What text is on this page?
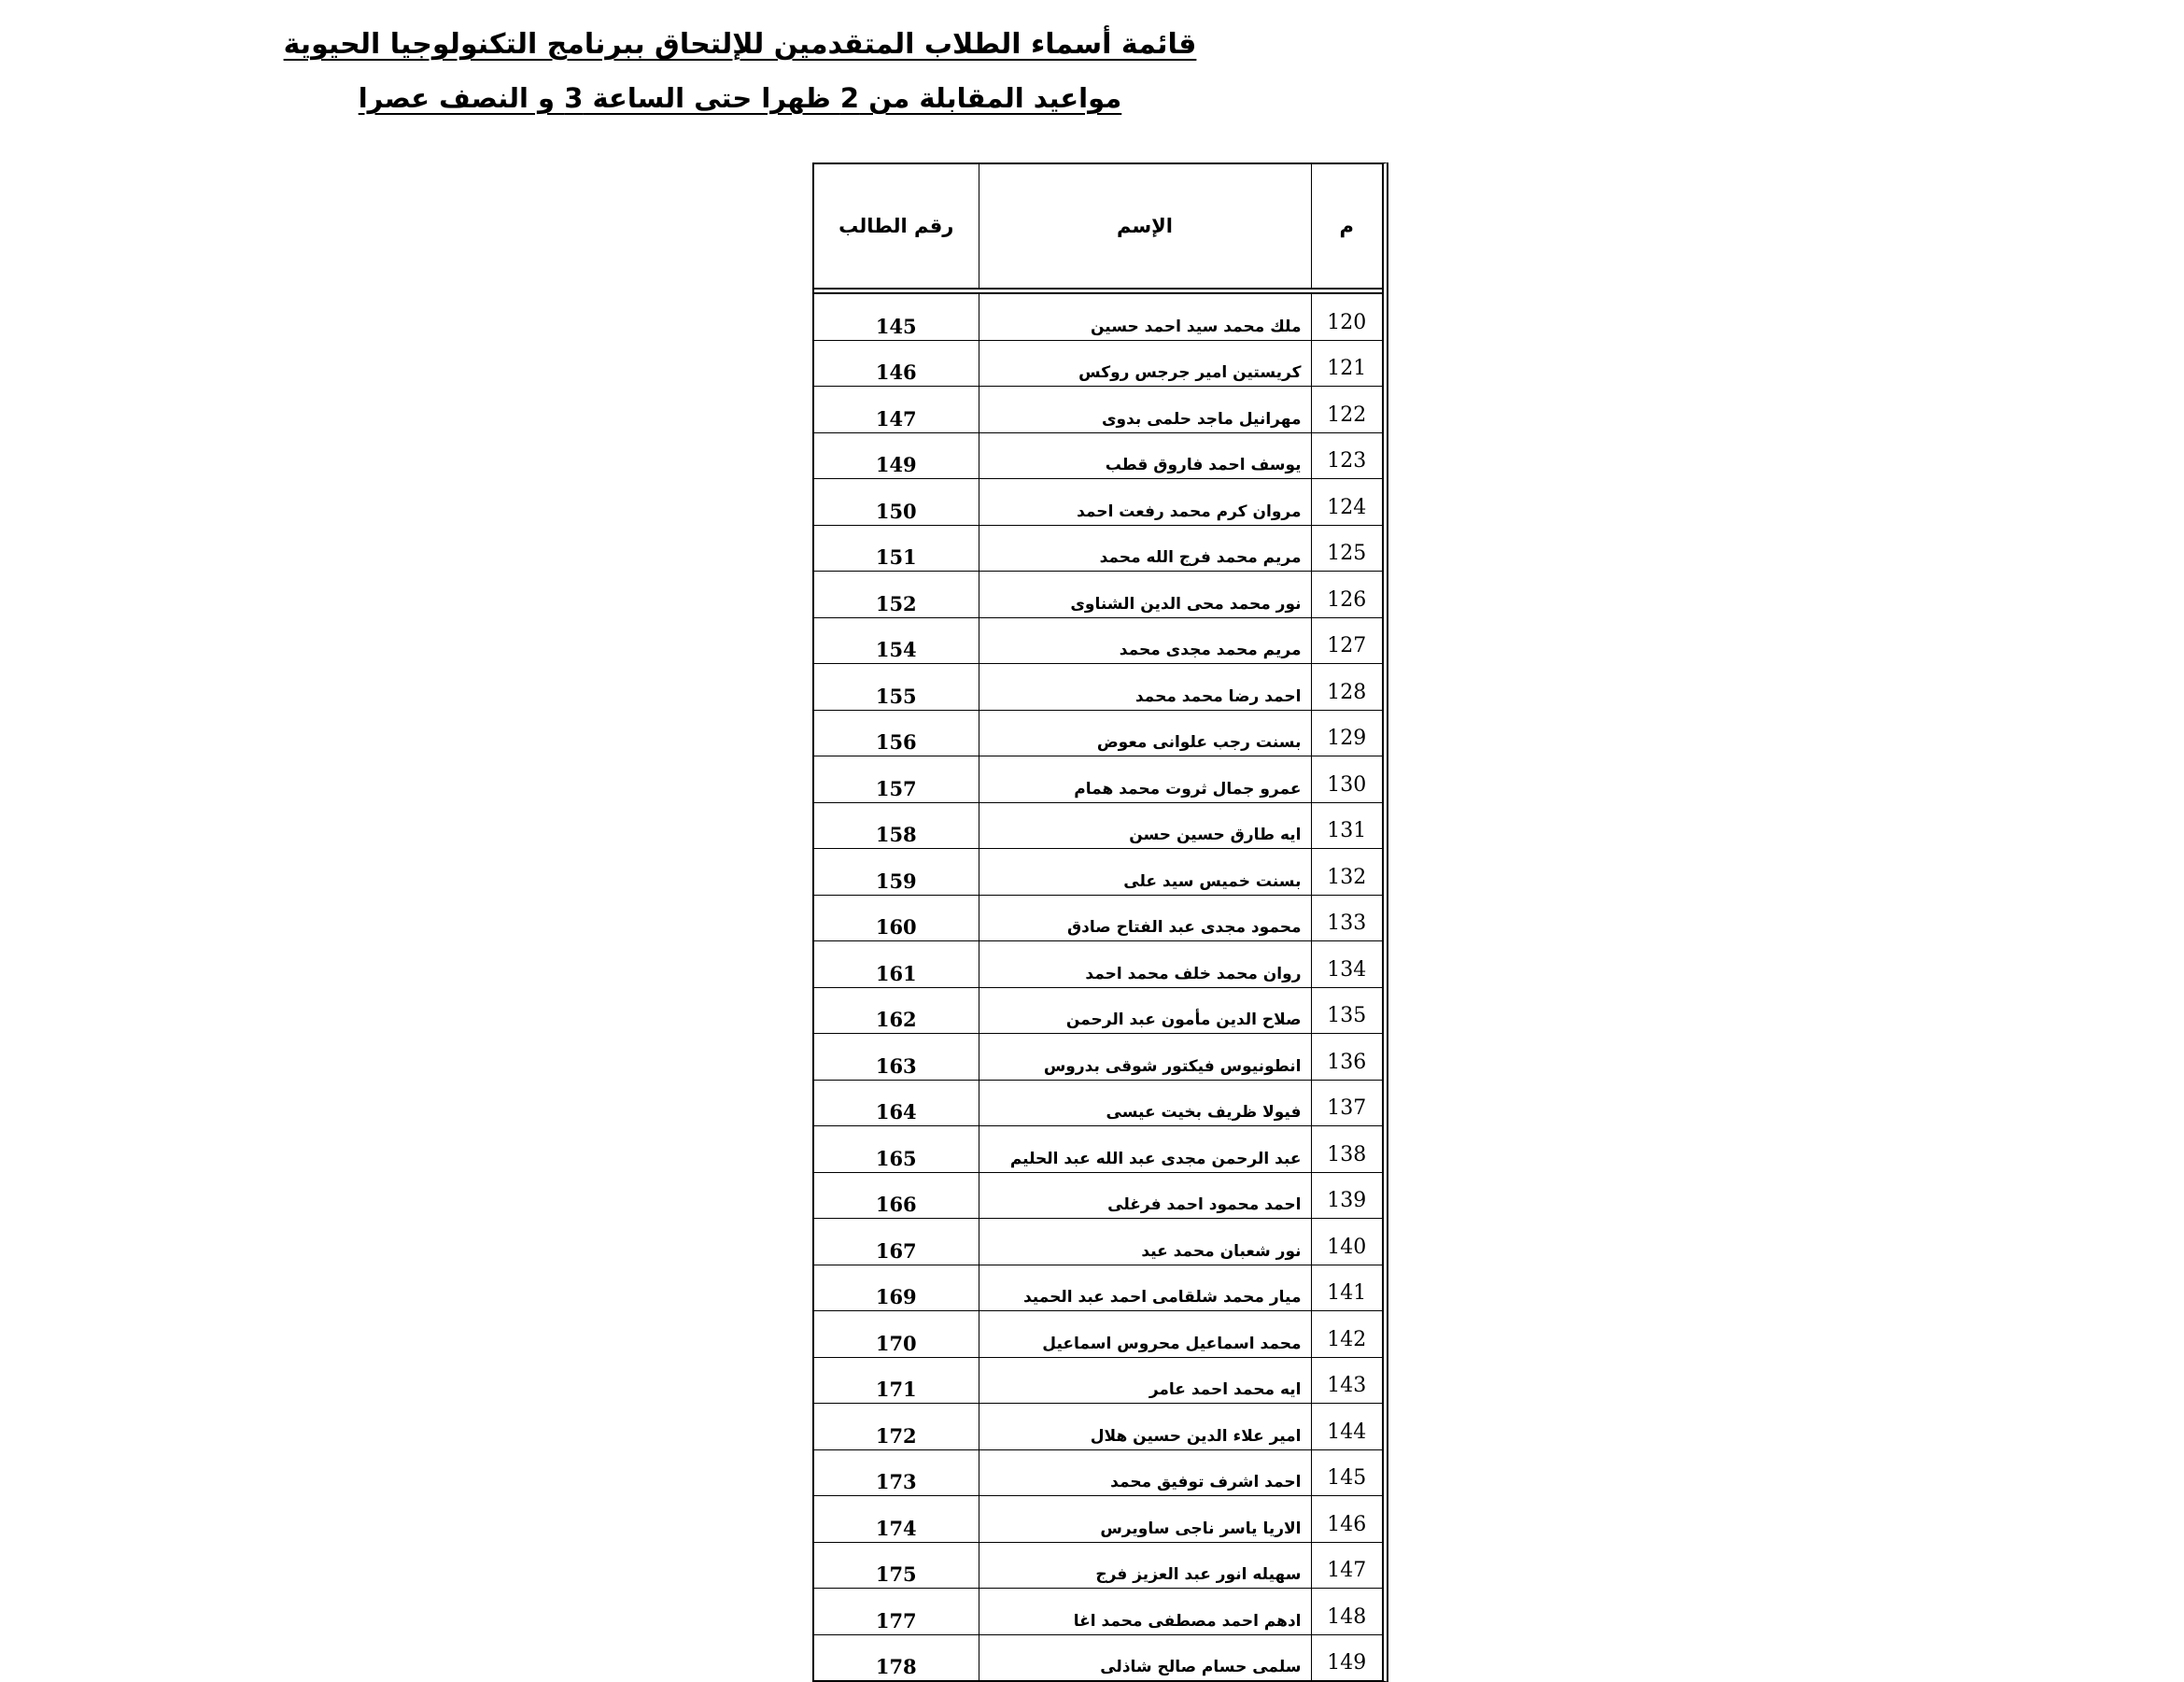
قائمة أسماء الطلاب المتقدمين للإلتحاق ببرنامج التكنولوجيا الحيوية
مواعيد المقابلة من 2 ظهرا حتى الساعة 3 و النصف عصرا
م	الإسم	رقم الطالب
120	ملك محمد سيد احمد حسين	145
121	كريستين امير جرجس روكس	146
122	مهرانيل ماجد حلمى بدوى	147
123	يوسف احمد فاروق قطب	149
124	مروان كرم محمد رفعت احمد	150
125	مريم محمد فرج الله محمد	151
126	نور محمد محى الدين الشناوى	152
127	مريم محمد مجدى محمد	154
128	احمد رضا محمد محمد	155
129	بسنت رجب علوانى معوض	156
130	عمرو جمال ثروت محمد همام	157
131	ايه طارق حسين حسن	158
132	بسنت خميس سيد على	159
133	محمود مجدى عبد الفتاح صادق	160
134	روان محمد خلف محمد احمد	161
135	صلاح الدين مأمون عبد الرحمن	162
136	انطونيوس فيكتور شوقى بدروس	163
137	فيولا ظريف بخيت عيسى	164
138	عبد الرحمن مجدى عبد الله عبد الحليم	165
139	احمد محمود احمد فرغلى	166
140	نور شعبان محمد عيد	167
141	ميار محمد شلقامى احمد عبد الحميد	169
142	محمد اسماعيل محروس اسماعيل	170
143	ايه محمد احمد عامر	171
144	امير علاء الدين حسين هلال	172
145	احمد اشرف توفيق محمد	173
146	الاريا ياسر ناجى ساويرس	174
147	سهيله انور عبد العزيز فرج	175
148	ادهم احمد مصطفى محمد اغا	177
149	سلمى حسام صالح شاذلى	178
